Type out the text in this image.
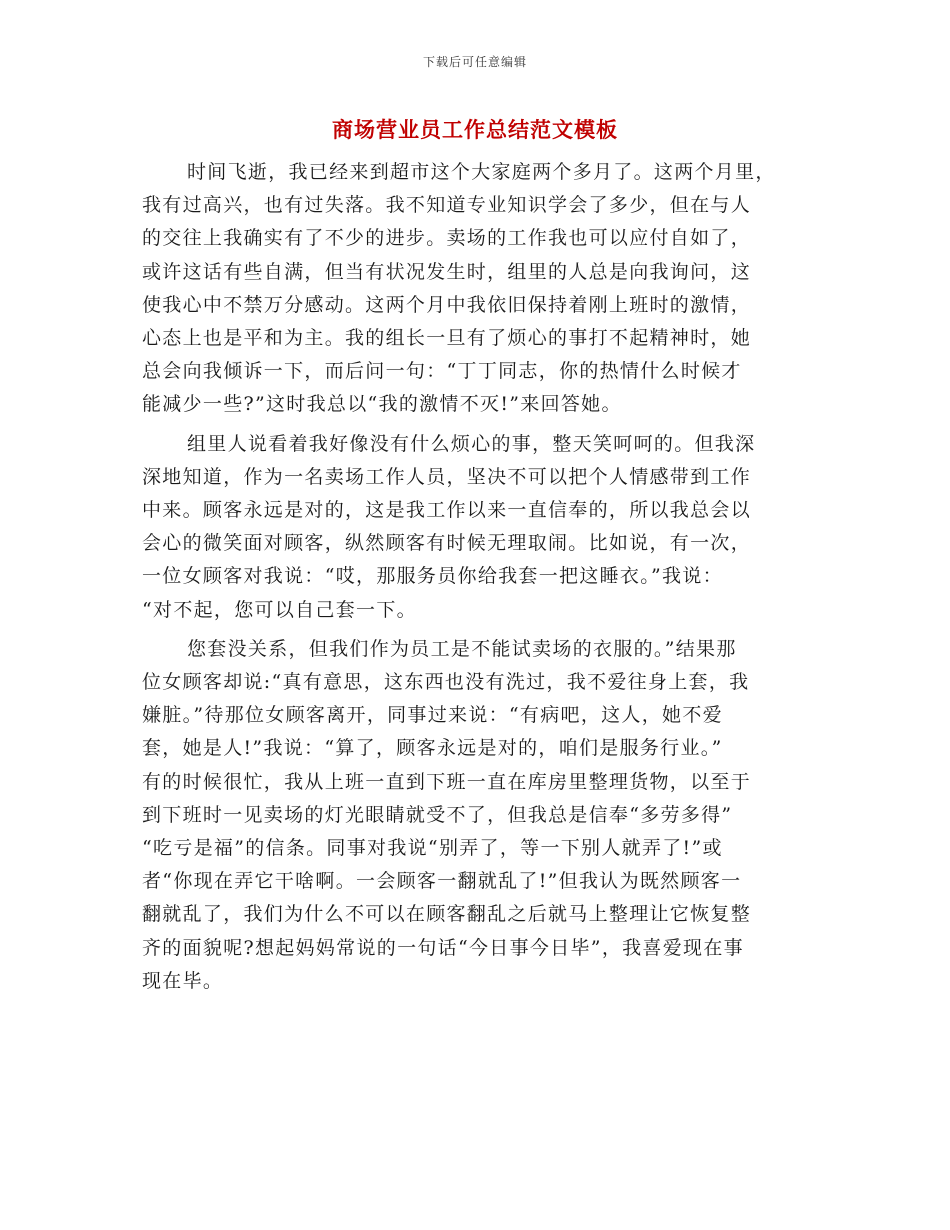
下载后可任意编辑
商场营业员工作总结范文模板

时间飞逝，我已经来到超市这个大家庭两个多月了。这两个月里，
我有过高兴，也有过失落。我不知道专业知识学会了多少，但在与人
的交往上我确实有了不少的进步。卖场的工作我也可以应付自如了，
或许这话有些自满，但当有状况发生时，组里的人总是向我询问，这
使我心中不禁万分感动。这两个月中我依旧保持着刚上班时的激情，
心态上也是平和为主。我的组长一旦有了烦心的事打不起精神时，她
总会向我倾诉一下，而后问一句：“丁丁同志，你的热情什么时候才
能减少一些?”这时我总以“我的激情不灭!”来回答她。

组里人说看着我好像没有什么烦心的事，整天笑呵呵的。但我深
深地知道，作为一名卖场工作人员，坚决不可以把个人情感带到工作
中来。顾客永远是对的，这是我工作以来一直信奉的，所以我总会以
会心的微笑面对顾客，纵然顾客有时候无理取闹。比如说，有一次，
一位女顾客对我说：“哎，那服务员你给我套一把这睡衣。”我说：
“对不起，您可以自己套一下。

您套没关系，但我们作为员工是不能试卖场的衣服的。”结果那
位女顾客却说:“真有意思，这东西也没有洗过，我不爱往身上套，我
嫌脏。”待那位女顾客离开，同事过来说：“有病吧，这人，她不爱
套，她是人!”我说：“算了，顾客永远是对的，咱们是服务行业。”
有的时候很忙，我从上班一直到下班一直在库房里整理货物，以至于
到下班时一见卖场的灯光眼睛就受不了，但我总是信奉“多劳多得”
“吃亏是福”的信条。同事对我说“别弄了，等一下别人就弄了!”或
者“你现在弄它干啥啊。一会顾客一翻就乱了!”但我认为既然顾客一
翻就乱了，我们为什么不可以在顾客翻乱之后就马上整理让它恢复整
齐的面貌呢?想起妈妈常说的一句话“今日事今日毕”，我喜爱现在事
现在毕。
